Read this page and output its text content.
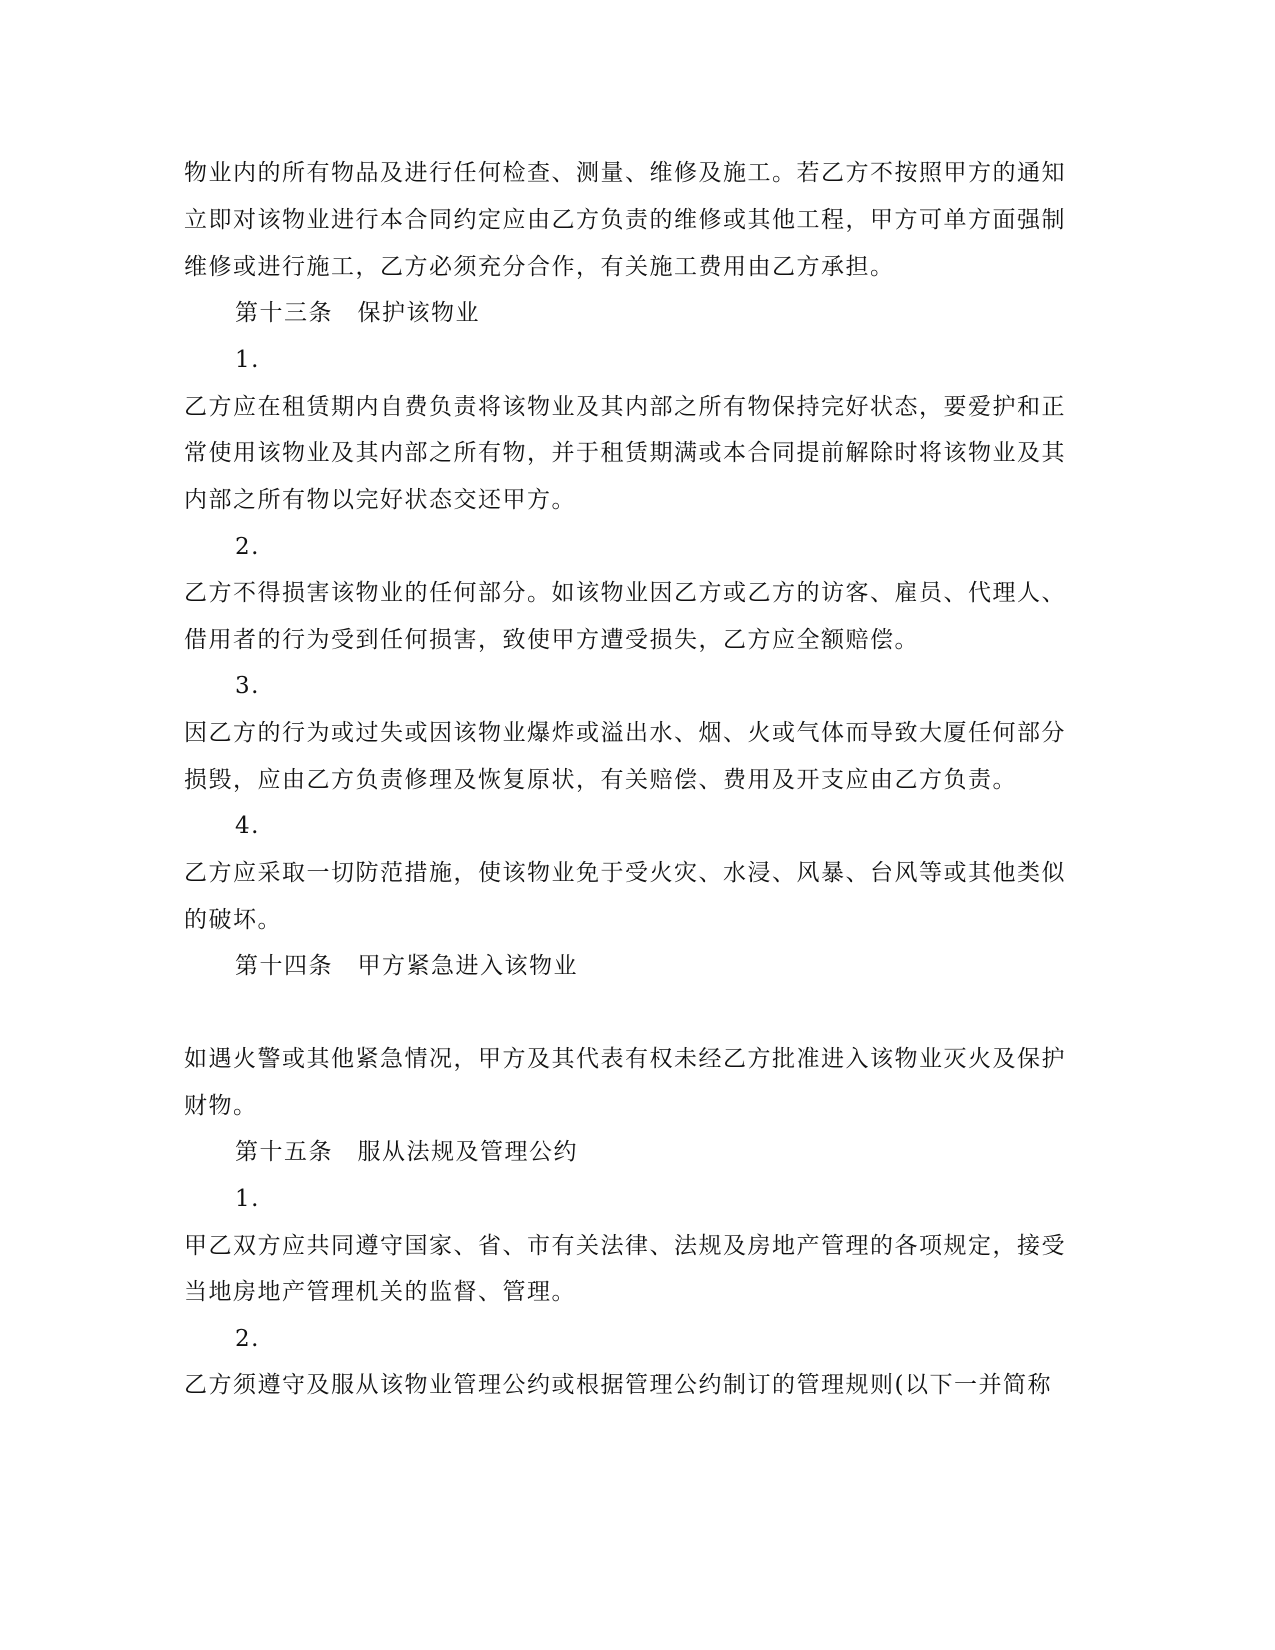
物业内的所有物品及进行任何检查、测量、维修及施工。若乙方不按照甲方的通知
立即对该物业进行本合同约定应由乙方负责的维修或其他工程，甲方可单方面强制
维修或进行施工，乙方必须充分合作，有关施工费用由乙方承担。
第十三条　保护该物业
1.
乙方应在租赁期内自费负责将该物业及其内部之所有物保持完好状态，要爱护和正
常使用该物业及其内部之所有物，并于租赁期满或本合同提前解除时将该物业及其
内部之所有物以完好状态交还甲方。
2.
乙方不得损害该物业的任何部分。如该物业因乙方或乙方的访客、雇员、代理人、
借用者的行为受到任何损害，致使甲方遭受损失，乙方应全额赔偿。
3.
因乙方的行为或过失或因该物业爆炸或溢出水、烟、火或气体而导致大厦任何部分
损毁，应由乙方负责修理及恢复原状，有关赔偿、费用及开支应由乙方负责。
4.
乙方应采取一切防范措施，使该物业免于受火灾、水浸、风暴、台风等或其他类似
的破坏。
第十四条　甲方紧急进入该物业
如遇火警或其他紧急情况，甲方及其代表有权未经乙方批准进入该物业灭火及保护
财物。
第十五条　服从法规及管理公约
1.
甲乙双方应共同遵守国家、省、市有关法律、法规及房地产管理的各项规定，接受
当地房地产管理机关的监督、管理。
2.
乙方须遵守及服从该物业管理公约或根据管理公约制订的管理规则(以下一并简称
